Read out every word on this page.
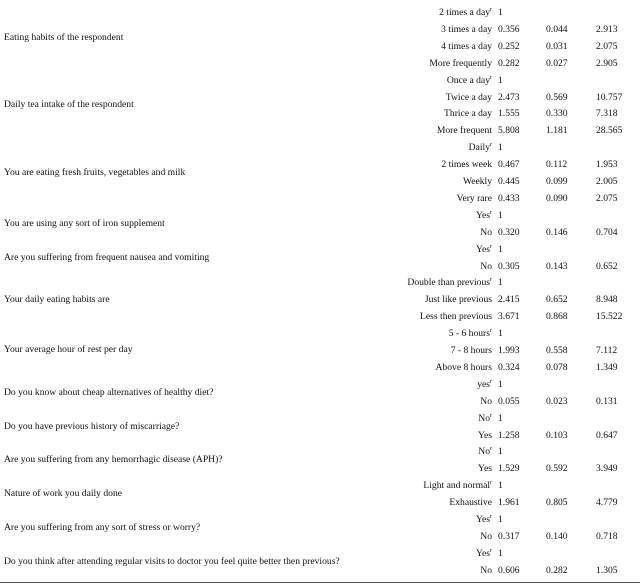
Eating habits of the respondent
2 times a day$^r$ 1
3 times a day 0.356	0.044	2.913
4 times a day 0.252	0.031	2.075
More frequently 0.282	0.027	2.905
Daily tea intake of the respondent
Once a day$^r$ 1
Twice a day 2.473	0.569	10.757
Thrice a day 1.555	0.330	7.318
More frequent 5.808	1.181	28.565
You are eating fresh fruits, vegetables and milk
Daily$^r$ 1
2 times week 0.467	0.112	1.953
Weekly 0.445	0.099	2.005
Very rare 0.433	0.090	2.075
You are using any sort of iron supplement
Yes$^r$ 1
No 0.320	0.146	0.704
Are you suffering from frequent nausea and vomiting
Yes$^r$ 1
No 0.305	0.143	0.652
Your daily eating habits are
Double than previous$^r$ 1
Just like previous 2.415	0.652	8.948
Less then previous 3.671	0.868	15.522
Your average hour of rest per day
5 - 6 hours$^r$ 1
7 - 8 hours 1.993	0.558	7.112
Above 8 hours 0.324	0.078	1.349
Do you know about cheap alternatives of healthy diet?
yes$^r$ 1
No 0.055	0.023	0.131
Do you have previous history of miscarriage?
No$^r$ 1
Yes 1.258	0.103	0.647
Are you suffering from any hemorrhagic disease (APH)?
No$^r$ 1
Yes 1.529	0.592	3.949
Nature of work you daily done
Light and normal$^r$ 1
Exhaustive 1.961	0.805	4.779
Are you suffering from any sort of stress or worry?
Yes$^r$ 1
No 0.317	0.140	0.718
Do you think after attending regular visits to doctor you feel quite better then previous?
Yes$^r$ 1
No 0.606	0.282	1.305
